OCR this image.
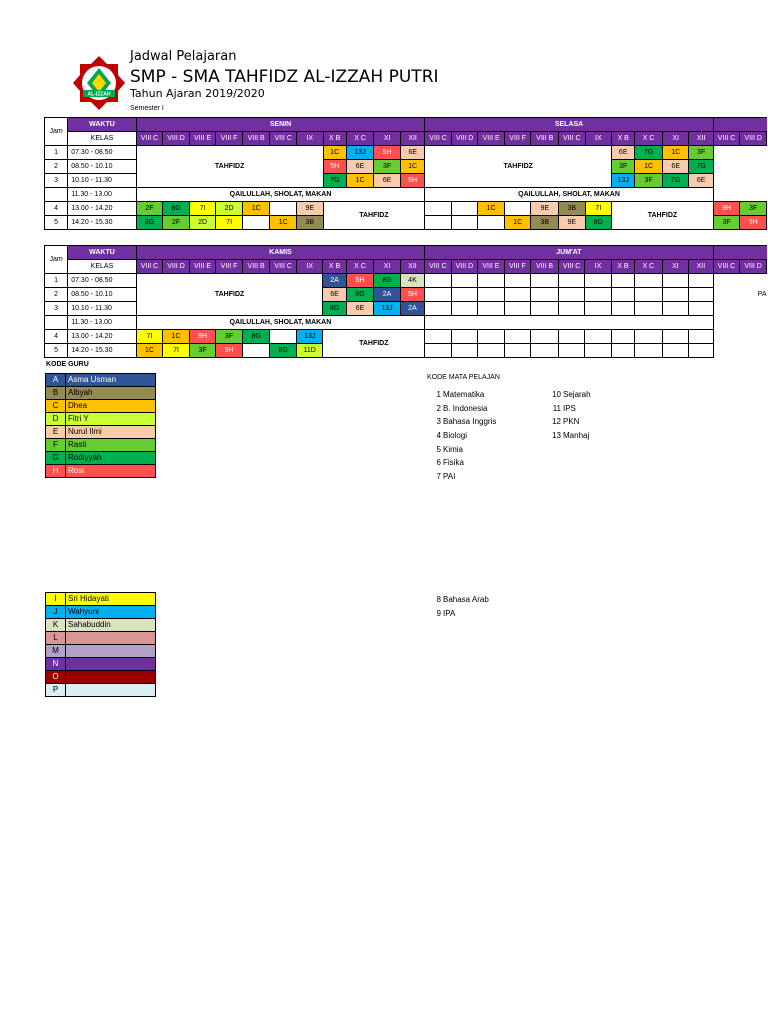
AL-IZZAH
Jadwal Pelajaran
SMP - SMA TAHFIDZ AL-IZZAH PUTRI
Tahun Ajaran 2019/2020
Semester I
Jam	WAKTU	SENIN											SELASA												
	KELAS	VIII C	VIII D	VIII E	VIII F	VIII B	VIII C	IX	X B	X C	XI	XII	VIII C	VIII D	VIII E	VIII F	VIII B	VIII C	IX	X B	X C	XI	XII	VIII C	VIII D
1	07.30 - 08.50	TAHFIDZ							1C	13J	5H	6E	TAHFIDZ							6E	7G	1C	3F		
2	08.50 - 10.10								5H	6E	3F	1C								3F	1C	6E	7G		
3	10.10 - 11.30								7G	1C	6E	5H								13J	3F	7G	6E		
	11.30 - 13.00	QAILULLAH, SHOLAT, MAKAN											QAILULLAH, SHOLAT, MAKAN												
4	13.00 - 14.20	2F	8G	7I	2D	1C		9E	TAHFIDZ						1C		9E	3B	7I	TAHFIDZ				9H	3F
5	14.20 - 15.30	8G	2F	2D	7I		1C	3B								1C	3B	9E	8G					3F	9H
Jam	WAKTU	KAMIS											JUM'AT												
	KELAS	VIII C	VIII D	VIII E	VIII F	VIII B	VIII C	IX	X B	X C	XI	XII	VIII C	VIII D	VIII E	VIII F	VIII B	VIII C	IX	X B	X C	XI	XII	VIII C	VIII D
1	07.30 - 08.50	TAHFIDZ							2A	5H	8G	4K												PA	
2	08.50 - 10.10								6E	8G	2A	5H													
3	10.10 - 11.30								8G	6E	13J	2A													
	11.30 - 13.00	QAILULLAH, SHOLAT, MAKAN																							
4	13.00 - 14.20	7I	1C	9H	3F	8G		13J	TAHFIDZ																
5	14.20 - 15.30	1C	7I	3F	9H		8G	11D																	
KODE GURU
A	Asma Usman
B	Albyah
C	Dhea
D	Fitri Y
E	Nurul Ilmi
F	Rasti
G	Rodiyyah
H	Rosi
I	Sri Hidayati
J	Wahyuni
K	Sahabuddin
L	
M	
N	
O	
P	
KODE MATA PELAJAN
1 Matematika
2 B. Indonesia
3 Bahasa Inggris
4 Biologi
5 Kimia
6 Fisika
7 PAI
10 Sejarah
11 IPS
12 PKN
13 Manhaj
8 Bahasa Arab
9 IPA
